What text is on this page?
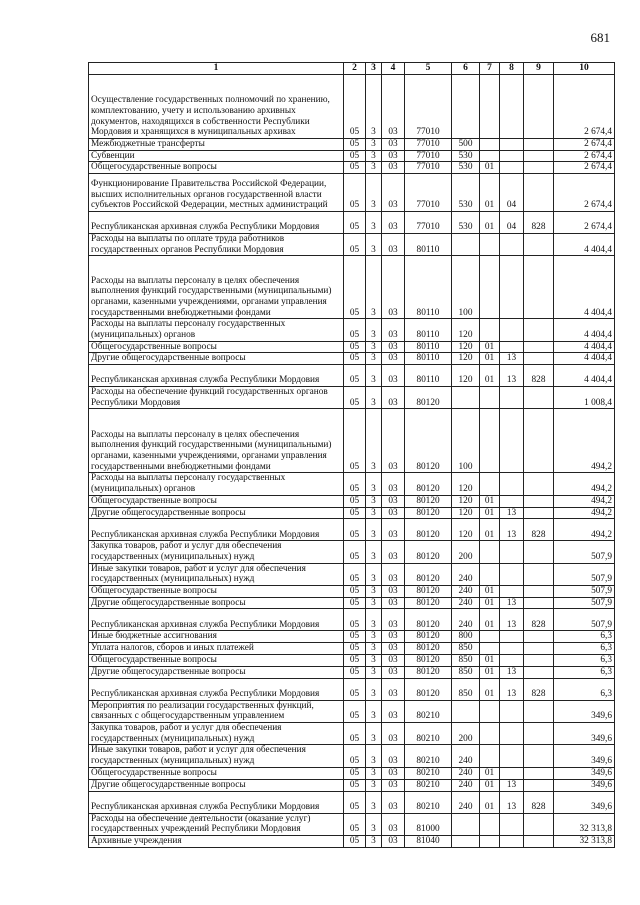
681
1	2	3	4	5	6	7	8	9	10
Осуществление государственных полномочий по хранению, комплектованию, учету и использованию архивных документов, находящихся в собственности Республики Мордовия и хранящихся в муниципальных архивах	05	3	03	77010					2 674,4
Межбюджетные трансферты	05	3	03	77010	500				2 674,4
Субвенции	05	3	03	77010	530				2 674,4
Общегосударственные вопросы	05	3	03	77010	530	01			2 674,4
Функционирование Правительства Российской Федерации, высших исполнительных органов государственной власти субъектов Российской Федерации, местных администраций	05	3	03	77010	530	01	04		2 674,4
Республиканская архивная служба Республики Мордовия	05	3	03	77010	530	01	04	828	2 674,4
Расходы на выплаты по оплате труда работников государственных органов Республики Мордовия	05	3	03	80110					4 404,4
Расходы на выплаты персоналу в целях обеспечения выполнения функций государственными (муниципальными) органами, казенными учреждениями, органами управления государственными внебюджетными фондами	05	3	03	80110	100				4 404,4
Расходы на выплаты персоналу государственных (муниципальных) органов	05	3	03	80110	120				4 404,4
Общегосударственные вопросы	05	3	03	80110	120	01			4 404,4
Другие общегосударственные вопросы	05	3	03	80110	120	01	13		4 404,4
Республиканская архивная служба Республики Мордовия	05	3	03	80110	120	01	13	828	4 404,4
Расходы на обеспечение функций государственных органов Республики Мордовия	05	3	03	80120					1 008,4
Расходы на выплаты персоналу в целях обеспечения выполнения функций государственными (муниципальными) органами, казенными учреждениями, органами управления государственными внебюджетными фондами	05	3	03	80120	100				494,2
Расходы на выплаты персоналу государственных (муниципальных) органов	05	3	03	80120	120				494,2
Общегосударственные вопросы	05	3	03	80120	120	01			494,2
Другие общегосударственные вопросы	05	3	03	80120	120	01	13		494,2
Республиканская архивная служба Республики Мордовия	05	3	03	80120	120	01	13	828	494,2
Закупка товаров, работ и услуг для обеспечения государственных (муниципальных) нужд	05	3	03	80120	200				507,9
Иные закупки товаров, работ и услуг для обеспечения государственных (муниципальных) нужд	05	3	03	80120	240				507,9
Общегосударственные вопросы	05	3	03	80120	240	01			507,9
Другие общегосударственные вопросы	05	3	03	80120	240	01	13		507,9
Республиканская архивная служба Республики Мордовия	05	3	03	80120	240	01	13	828	507,9
Иные бюджетные ассигнования	05	3	03	80120	800				6,3
Уплата налогов, сборов и иных платежей	05	3	03	80120	850				6,3
Общегосударственные вопросы	05	3	03	80120	850	01			6,3
Другие общегосударственные вопросы	05	3	03	80120	850	01	13		6,3
Республиканская архивная служба Республики Мордовия	05	3	03	80120	850	01	13	828	6,3
Мероприятия по реализации государственных функций, связанных с общегосударственным управлением	05	3	03	80210					349,6
Закупка товаров, работ и услуг для обеспечения государственных (муниципальных) нужд	05	3	03	80210	200				349,6
Иные закупки товаров, работ и услуг для обеспечения государственных (муниципальных) нужд	05	3	03	80210	240				349,6
Общегосударственные вопросы	05	3	03	80210	240	01			349,6
Другие общегосударственные вопросы	05	3	03	80210	240	01	13		349,6
Республиканская архивная служба Республики Мордовия	05	3	03	80210	240	01	13	828	349,6
Расходы на обеспечение деятельности (оказание услуг) государственных учреждений Республики Мордовия	05	3	03	81000					32 313,8
Архивные учреждения	05	3	03	81040					32 313,8
